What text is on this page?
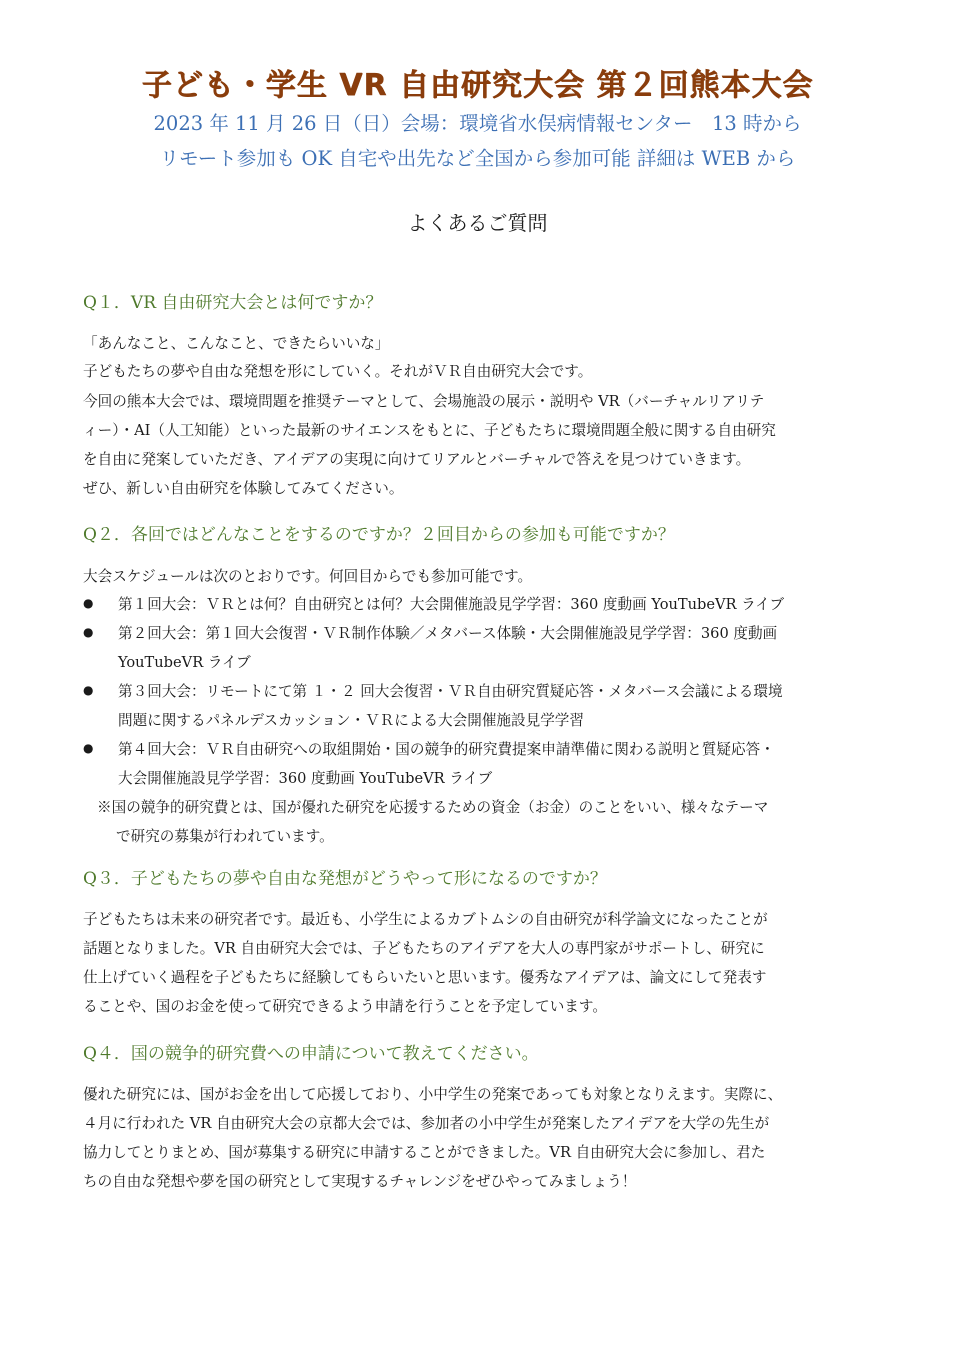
子ども・学生 VR 自由研究大会 第２回熊本大会
2023 年 11 月 26 日（日）会場：環境省水俣病情報センター　13 時から
リモート参加も OK 自宅や出先など全国から参加可能 詳細は WEB から
よくあるご質問
Q１．VR 自由研究大会とは何ですか？
「あんなこと、こんなこと、できたらいいな」
子どもたちの夢や自由な発想を形にしていく。それがＶＲ自由研究大会です。
今回の熊本大会では、環境問題を推奨テーマとして、会場施設の展示・説明や VR（バーチャルリアリテ
ィー）・AI（人工知能）といった最新のサイエンスをもとに、子どもたちに環境問題全般に関する自由研究
を自由に発案していただき、アイデアの実現に向けてリアルとバーチャルで答えを見つけていきます。
ぜひ、新しい自由研究を体験してみてください。
Q２．各回ではどんなことをするのですか？２回目からの参加も可能ですか？
大会スケジュールは次のとおりです。何回目からでも参加可能です。
● 第１回大会：ＶＲとは何？自由研究とは何？大会開催施設見学学習：360 度動画 YouTubeVR ライブ
● 第２回大会：第１回大会復習・ＶＲ制作体験／メタバース体験・大会開催施設見学学習：360 度動画
YouTubeVR ライブ
● 第３回大会：リモートにて第 １・２ 回大会復習・ＶＲ自由研究質疑応答・メタバース会議による環境
問題に関するパネルデスカッション・ＶＲによる大会開催施設見学学習
● 第４回大会：ＶＲ自由研究への取組開始・国の競争的研究費提案申請準備に関わる説明と質疑応答・
大会開催施設見学学習：360 度動画 YouTubeVR ライブ
※国の競争的研究費とは、国が優れた研究を応援するための資金（お金）のことをいい、様々なテーマ
で研究の募集が行われています。
Q３．子どもたちの夢や自由な発想がどうやって形になるのですか？
子どもたちは未来の研究者です。最近も、小学生によるカブトムシの自由研究が科学論文になったことが
話題となりました。VR 自由研究大会では、子どもたちのアイデアを大人の専門家がサポートし、研究に
仕上げていく過程を子どもたちに経験してもらいたいと思います。優秀なアイデアは、論文にして発表す
ることや、国のお金を使って研究できるよう申請を行うことを予定しています。
Q４．国の競争的研究費への申請について教えてください。
優れた研究には、国がお金を出して応援しており、小中学生の発案であっても対象となりえます。実際に、
４月に行われた VR 自由研究大会の京都大会では、参加者の小中学生が発案したアイデアを大学の先生が
協力してとりまとめ、国が募集する研究に申請することができました。VR 自由研究大会に参加し、君た
ちの自由な発想や夢を国の研究として実現するチャレンジをぜひやってみましょう！
